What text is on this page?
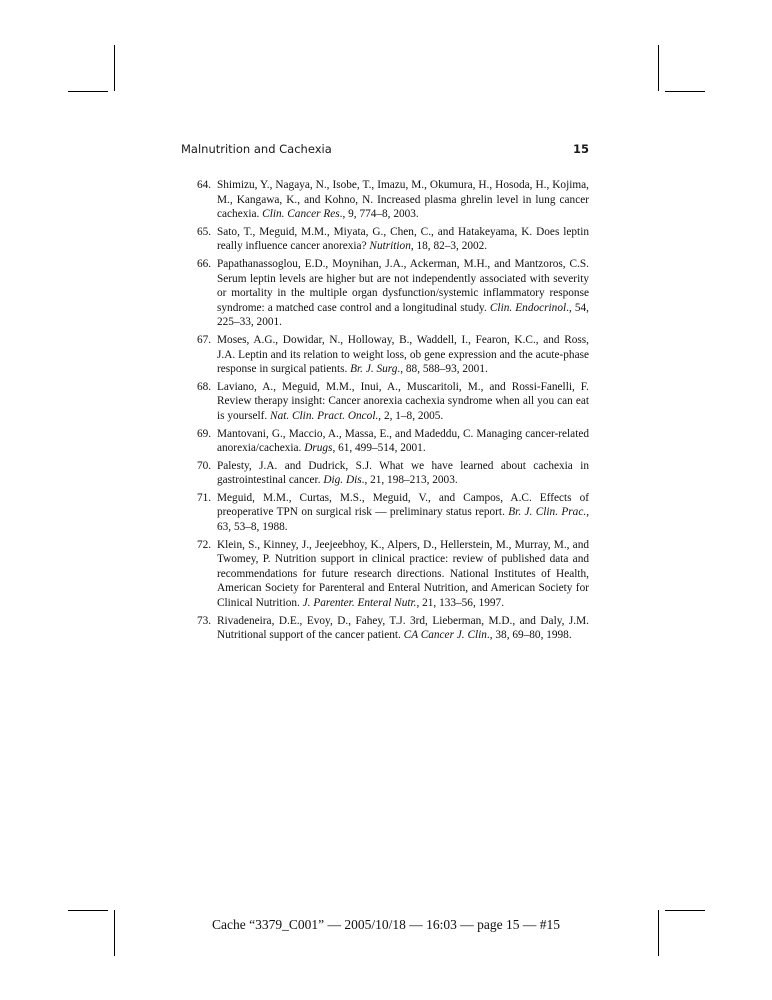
Malnutrition and Cachexia	15
64. Shimizu, Y., Nagaya, N., Isobe, T., Imazu, M., Okumura, H., Hosoda, H., Kojima, M., Kangawa, K., and Kohno, N. Increased plasma ghrelin level in lung cancer cachexia. Clin. Cancer Res., 9, 774–8, 2003.
65. Sato, T., Meguid, M.M., Miyata, G., Chen, C., and Hatakeyama, K. Does leptin really influence cancer anorexia? Nutrition, 18, 82–3, 2002.
66. Papathanassoglou, E.D., Moynihan, J.A., Ackerman, M.H., and Mantzoros, C.S. Serum leptin levels are higher but are not independently associated with severity or mortality in the multiple organ dysfunction/systemic inflammatory response syndrome: a matched case control and a longitudinal study. Clin. Endocrinol., 54, 225–33, 2001.
67. Moses, A.G., Dowidar, N., Holloway, B., Waddell, I., Fearon, K.C., and Ross, J.A. Leptin and its relation to weight loss, ob gene expression and the acute-phase response in surgical patients. Br. J. Surg., 88, 588–93, 2001.
68. Laviano, A., Meguid, M.M., Inui, A., Muscaritoli, M., and Rossi-Fanelli, F. Review therapy insight: Cancer anorexia cachexia syndrome when all you can eat is yourself. Nat. Clin. Pract. Oncol., 2, 1–8, 2005.
69. Mantovani, G., Maccio, A., Massa, E., and Madeddu, C. Managing cancer-related anorexia/cachexia. Drugs, 61, 499–514, 2001.
70. Palesty, J.A. and Dudrick, S.J. What we have learned about cachexia in gastrointestinal cancer. Dig. Dis., 21, 198–213, 2003.
71. Meguid, M.M., Curtas, M.S., Meguid, V., and Campos, A.C. Effects of preoperative TPN on surgical risk — preliminary status report. Br. J. Clin. Prac., 63, 53–8, 1988.
72. Klein, S., Kinney, J., Jeejeebhoy, K., Alpers, D., Hellerstein, M., Murray, M., and Twomey, P. Nutrition support in clinical practice: review of published data and recommendations for future research directions. National Institutes of Health, American Society for Parenteral and Enteral Nutrition, and American Society for Clinical Nutrition. J. Parenter. Enteral Nutr., 21, 133–56, 1997.
73. Rivadeneira, D.E., Evoy, D., Fahey, T.J. 3rd, Lieberman, M.D., and Daly, J.M. Nutritional support of the cancer patient. CA Cancer J. Clin., 38, 69–80, 1998.
Cache “3379_C001” — 2005/10/18 — 16:03 — page 15 — #15
